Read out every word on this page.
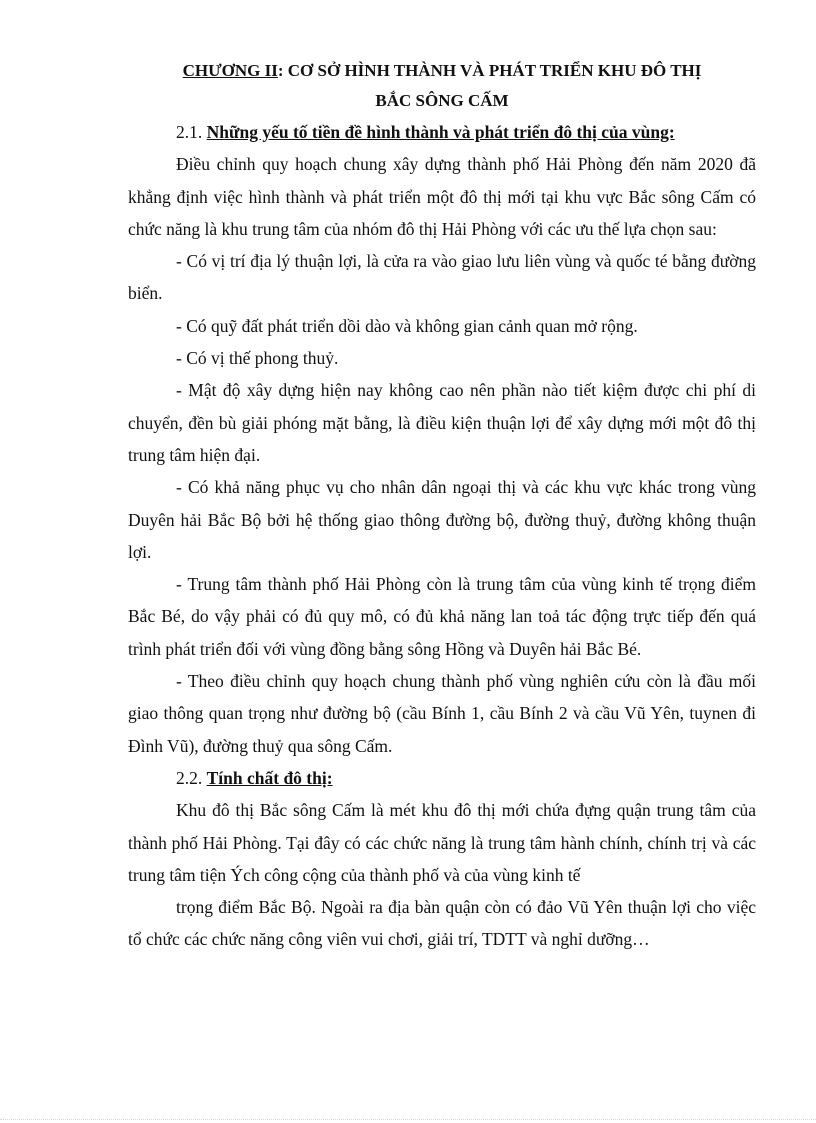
CHƯƠNG II: CƠ SỞ HÌNH THÀNH VÀ PHÁT TRIỂN KHU ĐÔ THỊ
BẮC SÔNG CẤM

2.1. Những yếu tố tiền đề hình thành và phát triển đô thị của vùng:

Điều chỉnh quy hoạch chung xây dựng thành phố Hải Phòng đến năm 2020 đã khẳng định việc hình thành và phát triển một đô thị mới tại khu vực Bắc sông Cấm có chức năng là khu trung tâm của nhóm đô thị Hải Phòng với các ưu thế lựa chọn sau:

- Có vị trí địa lý thuận lợi, là cửa ra vào giao lưu liên vùng và quốc té bằng đường biển.

- Có quỹ đất phát triển dồi dào và không gian cảnh quan mở rộng.

- Có vị thế phong thuỷ.

- Mật độ xây dựng hiện nay không cao nên phần nào tiết kiệm được chi phí di chuyển, đền bù giải phóng mặt bằng, là điều kiện thuận lợi để xây dựng mới một đô thị trung tâm hiện đại.

- Có khả năng phục vụ cho nhân dân ngoại thị và các khu vực khác trong vùng Duyên hải Bắc Bộ bởi hệ thống giao thông đường bộ, đường thuỷ, đường không thuận lợi.

- Trung tâm thành phố Hải Phòng còn là trung tâm của vùng kinh tế trọng điểm Bắc Bé, do vậy phải có đủ quy mô, có đủ khả năng lan toả tác động trực tiếp đến quá trình phát triển đối với vùng đồng bằng sông Hồng và Duyên hải Bắc Bé.

- Theo điều chỉnh quy hoạch chung thành phố vùng nghiên cứu còn là đầu mối giao thông quan trọng như đường bộ (cầu Bính 1, cầu Bính 2 và cầu Vũ Yên, tuynen đi Đình Vũ), đường thuỷ qua sông Cấm.

2.2. Tính chất đô thị:

Khu đô thị Bắc sông Cấm là mét khu đô thị mới chứa đựng quận trung tâm của thành phố Hải Phòng. Tại đây có các chức năng là trung tâm hành chính, chính trị và các trung tâm tiện Ých công cộng của thành phố và của vùng kinh tế

trọng điểm Bắc Bộ. Ngoài ra địa bàn quận còn có đảo Vũ Yên thuận lợi cho việc tổ chức các chức năng công viên vui chơi, giải trí, TDTT và nghỉ dưỡng…
